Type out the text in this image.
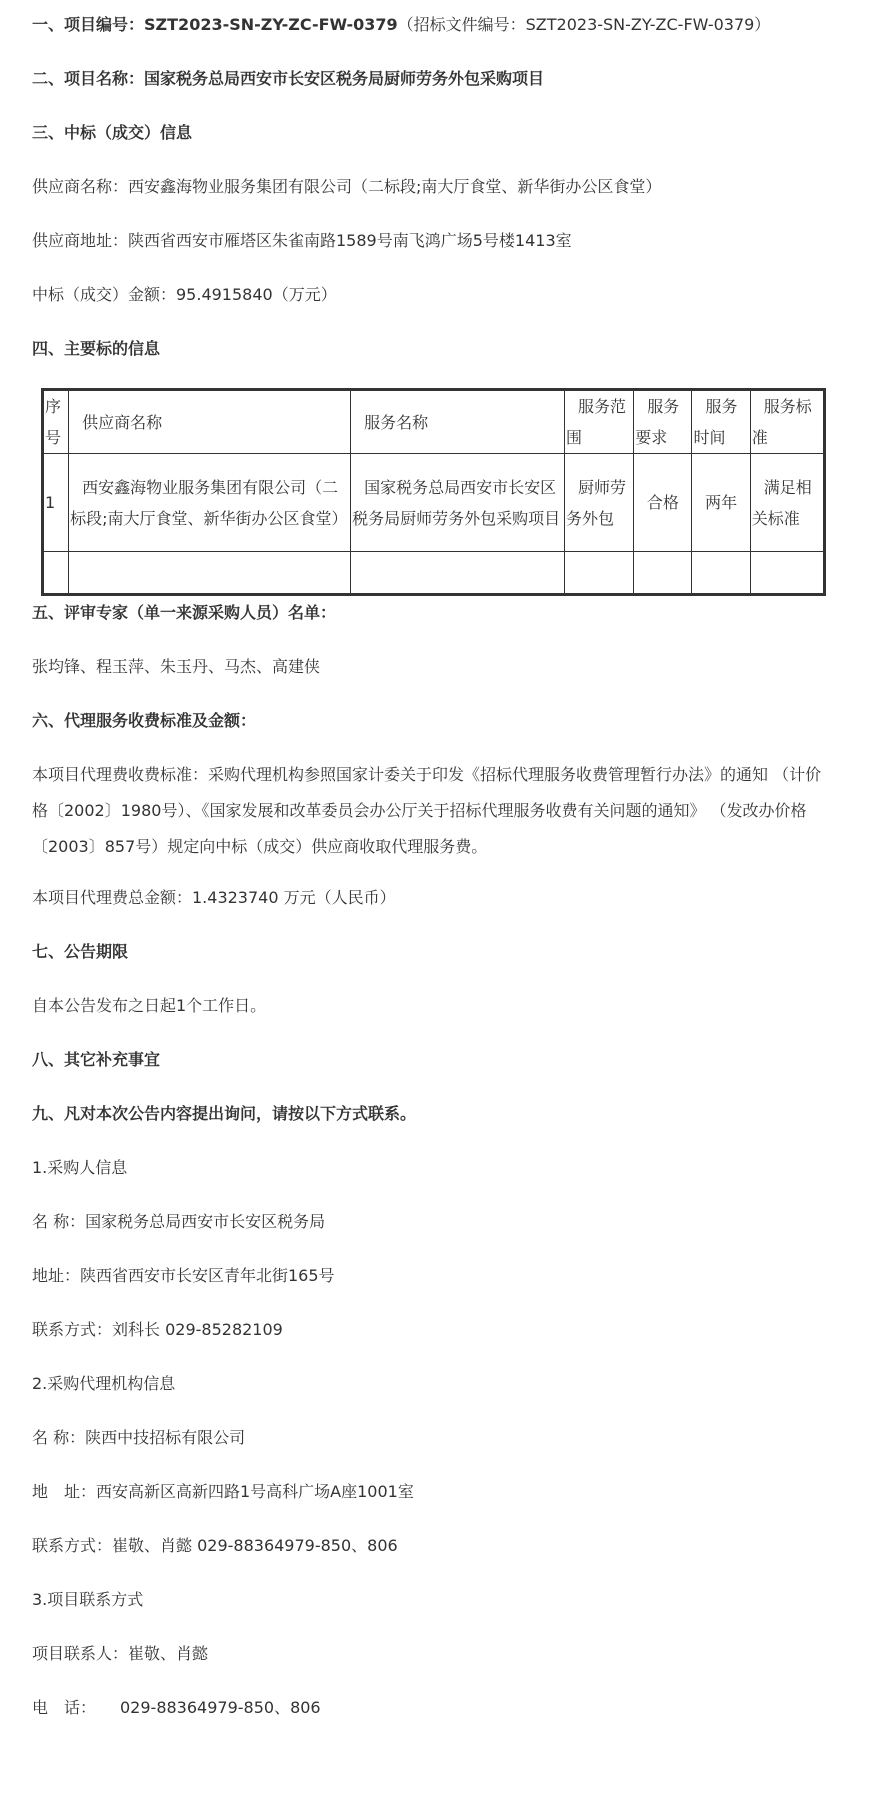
一、项目编号：SZT2023-SN-ZY-ZC-FW-0379（招标文件编号：SZT2023-SN-ZY-ZC-FW-0379）
二、项目名称：国家税务总局西安市长安区税务局厨师劳务外包采购项目
三、中标（成交）信息
供应商名称：西安鑫海物业服务集团有限公司（二标段;南大厅食堂、新华街办公区食堂）
供应商地址：陕西省西安市雁塔区朱雀南路1589号南飞鸿广场5号楼1413室
中标（成交）金额：95.4915840（万元）
四、主要标的信息
序号	供应商名称	服务名称	服务范围	服务要求	服务时间	服务标准
1	西安鑫海物业服务集团有限公司（二标段;南大厅食堂、新华街办公区食堂）	国家税务总局西安市长安区税务局厨师劳务外包采购项目	厨师劳务外包	合格	两年	满足相关标准

五、评审专家（单一来源采购人员）名单：
张均锋、程玉萍、朱玉丹、马杰、高建侠
六、代理服务收费标准及金额：
本项目代理费收费标准：采购代理机构参照国家计委关于印发《招标代理服务收费管理暂行办法》的通知 （计价格〔2002〕1980号）、《国家发展和改革委员会办公厅关于招标代理服务收费有关问题的通知》 （发改办价格〔2003〕857号）规定向中标（成交）供应商收取代理服务费。
本项目代理费总金额：1.4323740 万元（人民币）
七、公告期限
自本公告发布之日起1个工作日。
八、其它补充事宜
九、凡对本次公告内容提出询问，请按以下方式联系。
1.采购人信息
名 称：国家税务总局西安市长安区税务局
地址：陕西省西安市长安区青年北街165号
联系方式：刘科长 029-85282109
2.采购代理机构信息
名 称：陕西中技招标有限公司
地　址：西安高新区高新四路1号高科广场A座1001室
联系方式：崔敬、肖懿 029-88364979-850、806
3.项目联系方式
项目联系人：崔敬、肖懿
电　话：　　029-88364979-850、806
